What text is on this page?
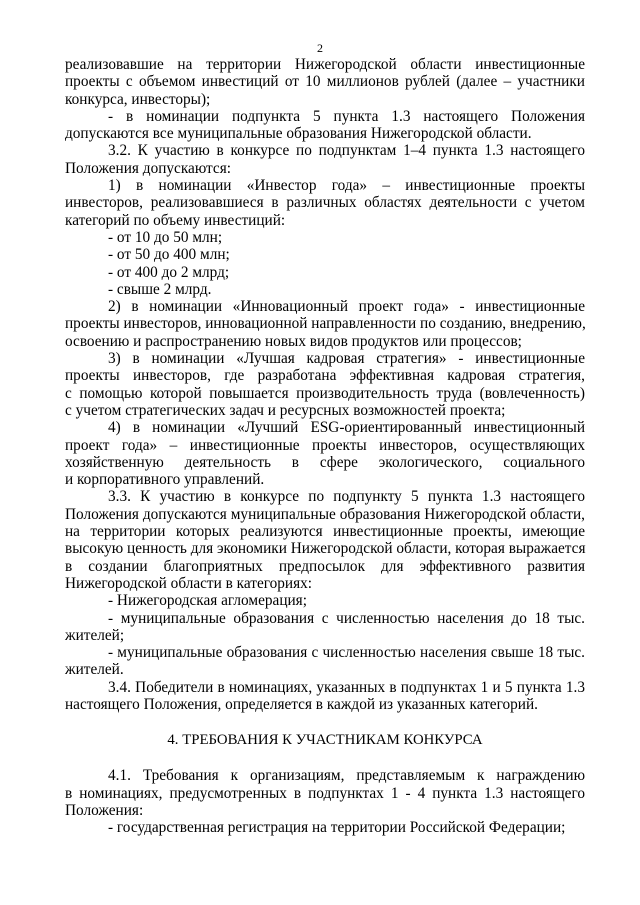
2
реализовавшие на территории Нижегородской области инвестиционные
проекты с объемом инвестиций от 10 миллионов рублей (далее – участники
конкурса, инвесторы);
- в номинации подпункта 5 пункта 1.3 настоящего Положения
допускаются все муниципальные образования Нижегородской области.
3.2. К участию в конкурсе по подпунктам 1–4 пункта 1.3 настоящего
Положения допускаются:
1) в номинации «Инвестор года» – инвестиционные проекты
инвесторов, реализовавшиеся в различных областях деятельности с учетом
категорий по объему инвестиций:
- от 10 до 50 млн;
- от 50 до 400 млн;
- от 400 до 2 млрд;
- свыше 2 млрд.
2) в номинации «Инновационный проект года» - инвестиционные
проекты инвесторов, инновационной направленности по созданию, внедрению,
освоению и распространению новых видов продуктов или процессов;
3) в номинации «Лучшая кадровая стратегия» - инвестиционные
проекты инвесторов, где разработана эффективная кадровая стратегия,
с помощью которой повышается производительность труда (вовлеченность)
с учетом стратегических задач и ресурсных возможностей проекта;
4) в номинации «Лучший ESG-ориентированный инвестиционный
проект года» – инвестиционные проекты инвесторов, осуществляющих
хозяйственную деятельность в сфере экологического, социального
и корпоративного управлений.
3.3. К участию в конкурсе по подпункту 5 пункта 1.3 настоящего
Положения допускаются муниципальные образования Нижегородской области,
на территории которых реализуются инвестиционные проекты, имеющие
высокую ценность для экономики Нижегородской области, которая выражается
в создании благоприятных предпосылок для эффективного развития
Нижегородской области в категориях:
- Нижегородская агломерация;
- муниципальные образования с численностью населения до 18 тыс.
жителей;
- муниципальные образования с численностью населения свыше 18 тыс.
жителей.
3.4. Победители в номинациях, указанных в подпунктах 1 и 5 пункта 1.3
настоящего Положения, определяется в каждой из указанных категорий.
4. ТРЕБОВАНИЯ К УЧАСТНИКАМ КОНКУРСА
4.1. Требования к организациям, представляемым к награждению
в номинациях, предусмотренных в подпунктах 1 - 4 пункта 1.3 настоящего
Положения:
- государственная регистрация на территории Российской Федерации;
